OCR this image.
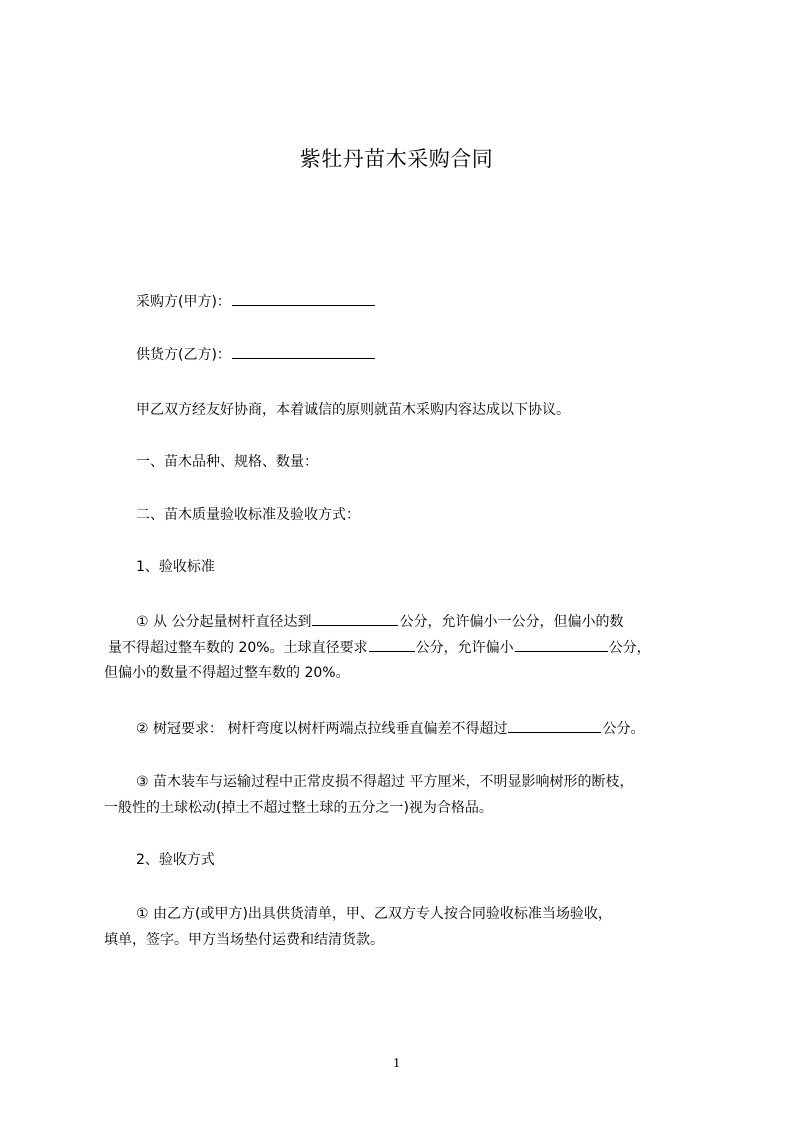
紫牡丹苗木采购合同
采购方(甲方)：
供货方(乙方)：
甲乙双方经友好协商，本着诚信的原则就苗木采购内容达成以下协议。
一、苗木品种、规格、数量：
二、苗木质量验收标准及验收方式：
1、验收标准
① 从 公分起量树杆直径达到	公分，允许偏小一公分，但偏小的数
量不得超过整车数的 20%。土球直径要求	公分，允许偏小	公分，
但偏小的数量不得超过整车数的 20%。
② 树冠要求： 树杆弯度以树杆两端点拉线垂直偏差不得超过	公分。
③ 苗木装车与运输过程中正常皮损不得超过 平方厘米，不明显影响树形的断枝，
一般性的土球松动(掉土不超过整土球的五分之一)视为合格品。
2、验收方式
① 由乙方(或甲方)出具供货清单，甲、乙双方专人按合同验收标准当场验收，
填单，签字。甲方当场垫付运费和结清货款。
1
